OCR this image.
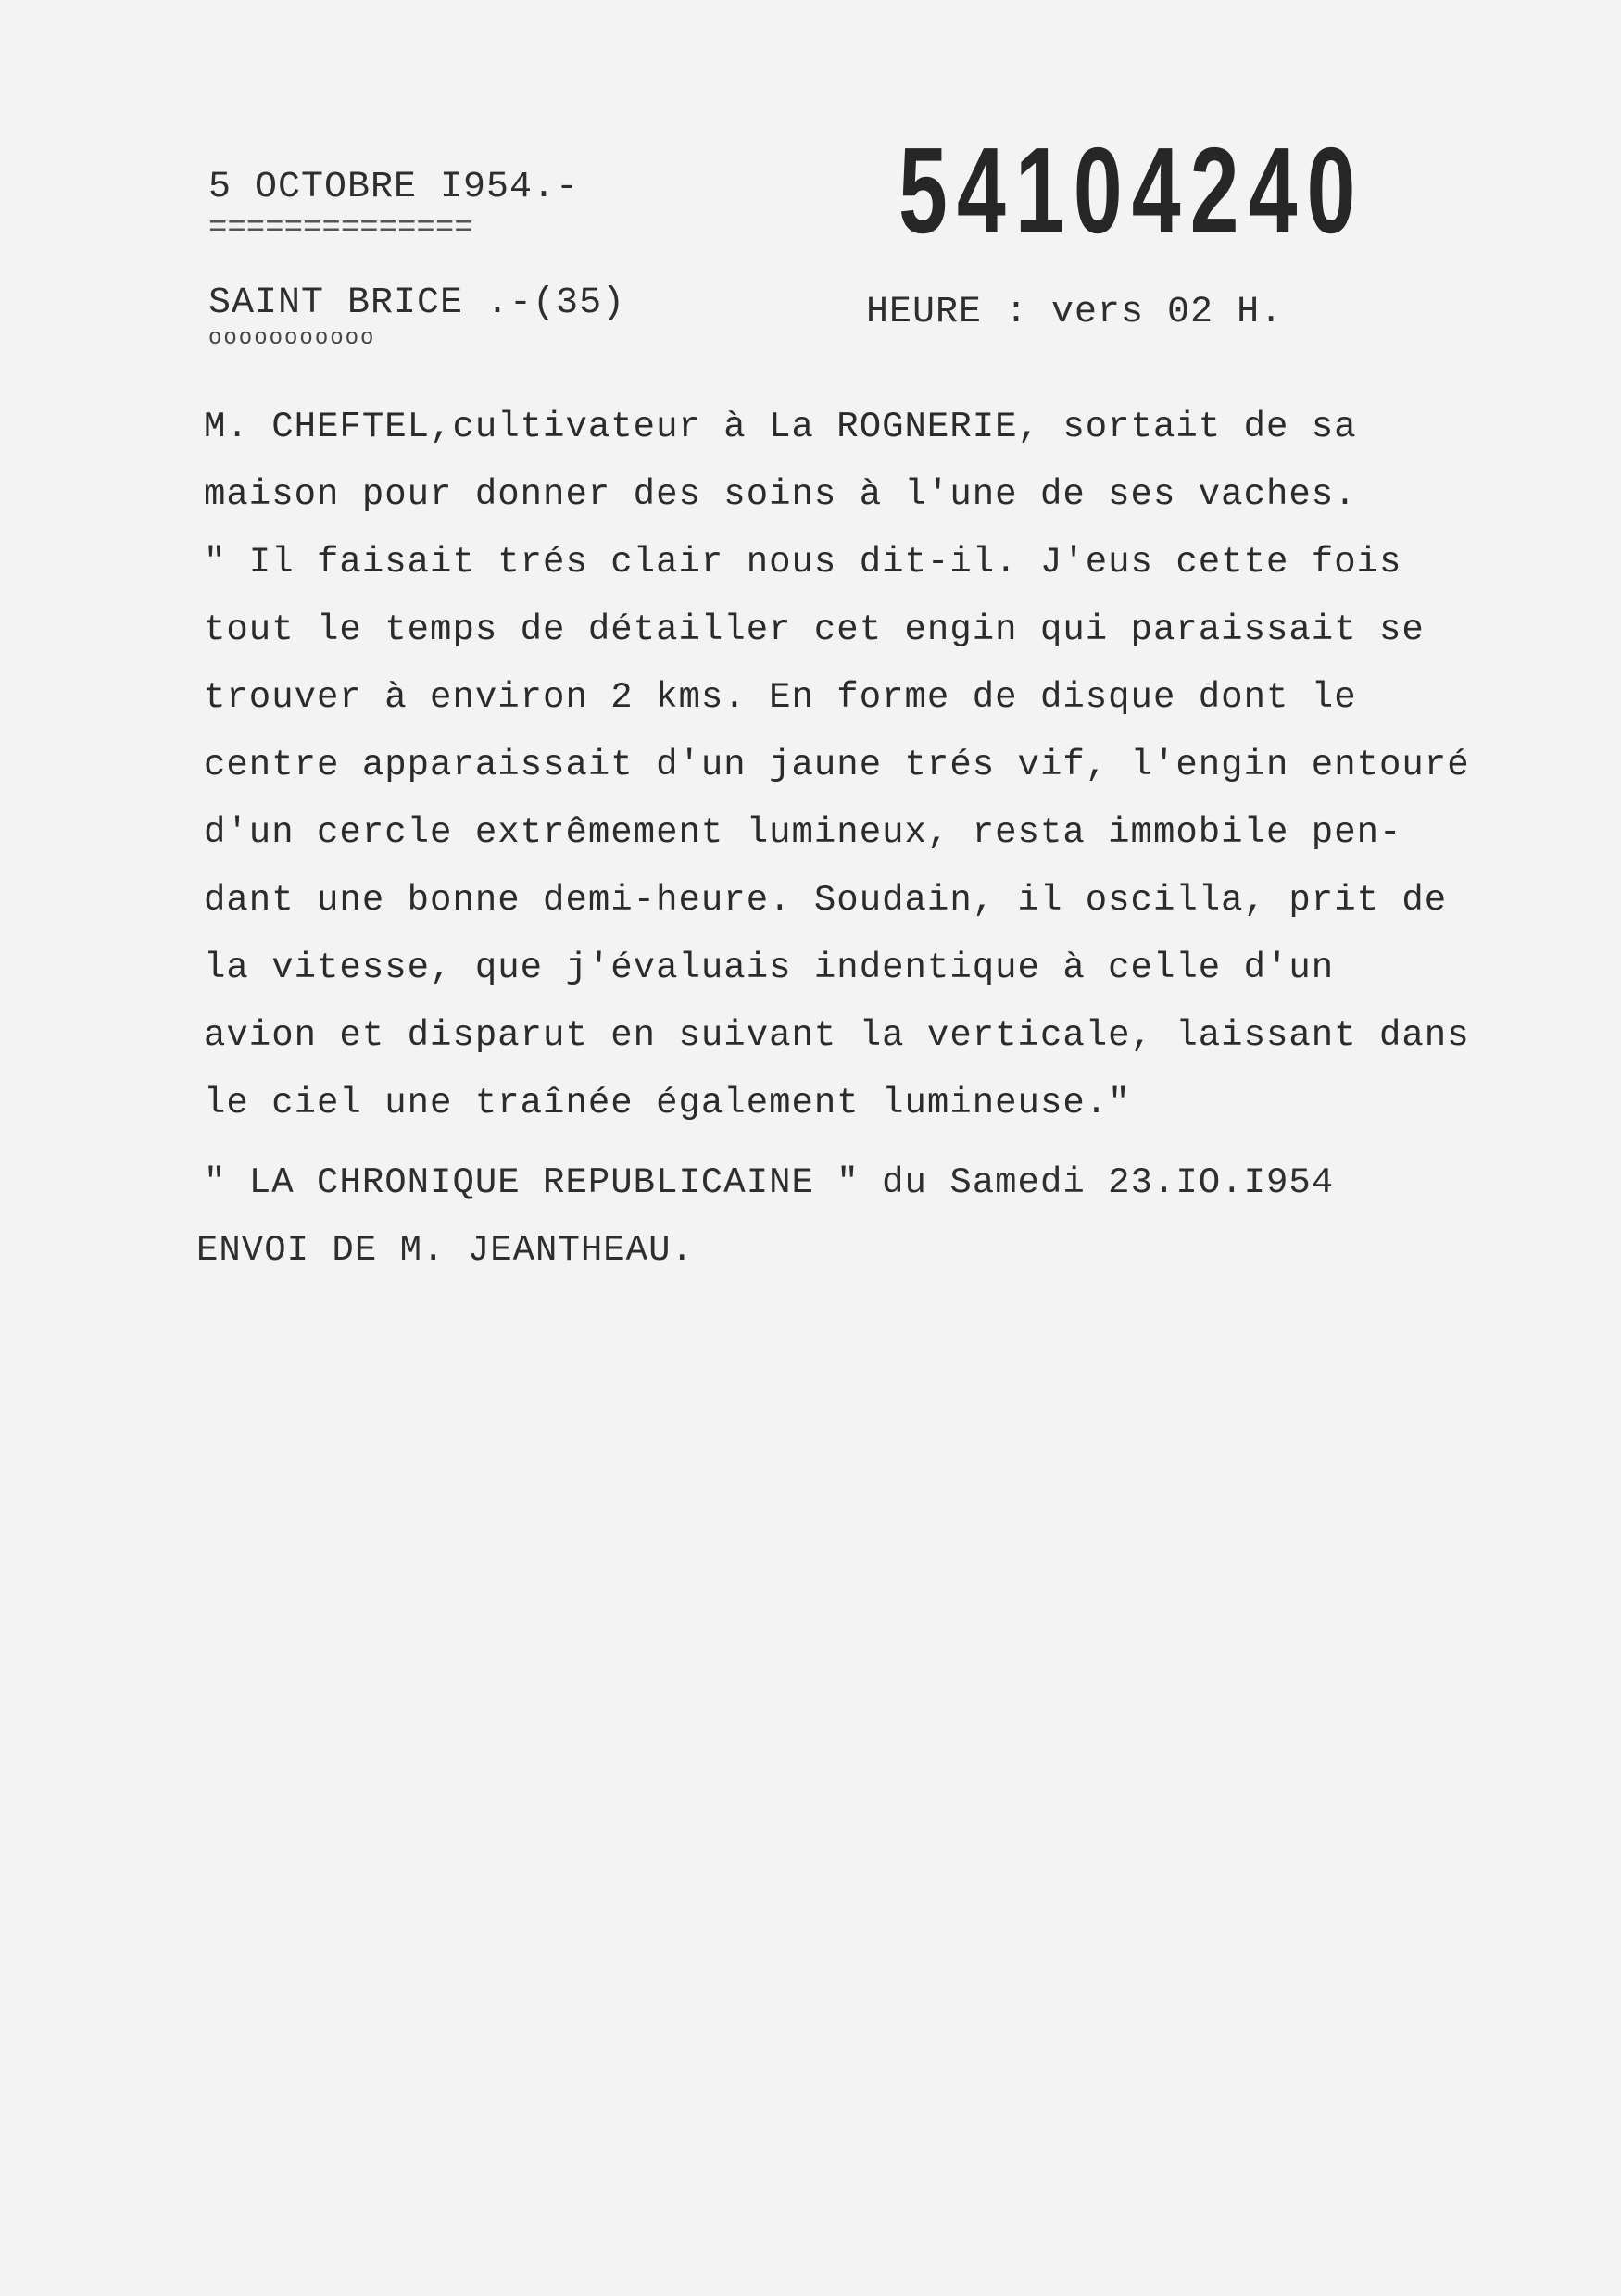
5 OCTOBRE I954.-
==============	54104240
SAINT BRICE .-(35)
ooooooooooo
HEURE : vers 02 H.
M. CHEFTEL,cultivateur à La ROGNERIE, sortait de sa
maison pour donner des soins à l'une de ses vaches.
" Il faisait trés clair nous dit-il. J'eus cette fois
tout le temps de détailler cet engin qui paraissait se
trouver à environ 2 kms. En forme de disque dont le
centre apparaissait d'un jaune trés vif, l'engin entouré
d'un cercle extrêmement lumineux, resta immobile pen-
dant une bonne demi-heure. Soudain, il oscilla, prit de
la vitesse, que j'évaluais indentique à celle d'un
avion et disparut en suivant la verticale, laissant dans
le ciel une traînée également lumineuse."
" LA CHRONIQUE REPUBLICAINE " du Samedi 23.IO.I954
ENVOI DE M. JEANTHEAU.
